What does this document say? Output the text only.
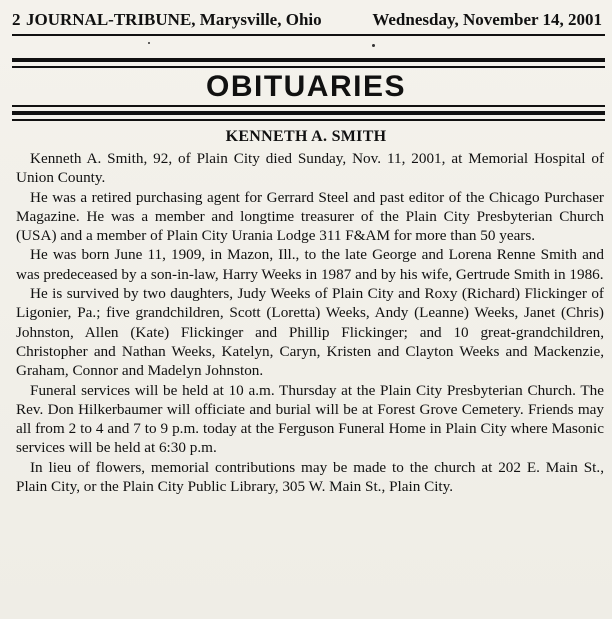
2 JOURNAL-TRIBUNE, Marysville, Ohio	Wednesday, November 14, 2001
OBITUARIES
KENNETH A. SMITH

Kenneth A. Smith, 92, of Plain City died Sunday, Nov. 11, 2001, at Memorial Hospital of Union County.

He was a retired purchasing agent for Gerrard Steel and past editor of the Chicago Purchaser Magazine. He was a member and longtime treasurer of the Plain City Presbyterian Church (USA) and a member of Plain City Urania Lodge 311 F&AM for more than 50 years.

He was born June 11, 1909, in Mazon, Ill., to the late George and Lorena Renne Smith and was predeceased by a son-in-law, Harry Weeks in 1987 and by his wife, Gertrude Smith in 1986.

He is survived by two daughters, Judy Weeks of Plain City and Roxy (Richard) Flickinger of Ligonier, Pa.; five grandchildren, Scott (Loretta) Weeks, Andy (Leanne) Weeks, Janet (Chris) Johnston, Allen (Kate) Flickinger and Phillip Flickinger; and 10 great-grandchildren, Christopher and Nathan Weeks, Katelyn, Caryn, Kristen and Clayton Weeks and Mackenzie, Graham, Connor and Madelyn Johnston.

Funeral services will be held at 10 a.m. Thursday at the Plain City Presbyterian Church. The Rev. Don Hilkerbaumer will officiate and burial will be at Forest Grove Cemetery. Friends may all from 2 to 4 and 7 to 9 p.m. today at the Ferguson Funeral Home in Plain City where Masonic services will be held at 6:30 p.m.

In lieu of flowers, memorial contributions may be made to the church at 202 E. Main St., Plain City, or the Plain City Public Library, 305 W. Main St., Plain City.
